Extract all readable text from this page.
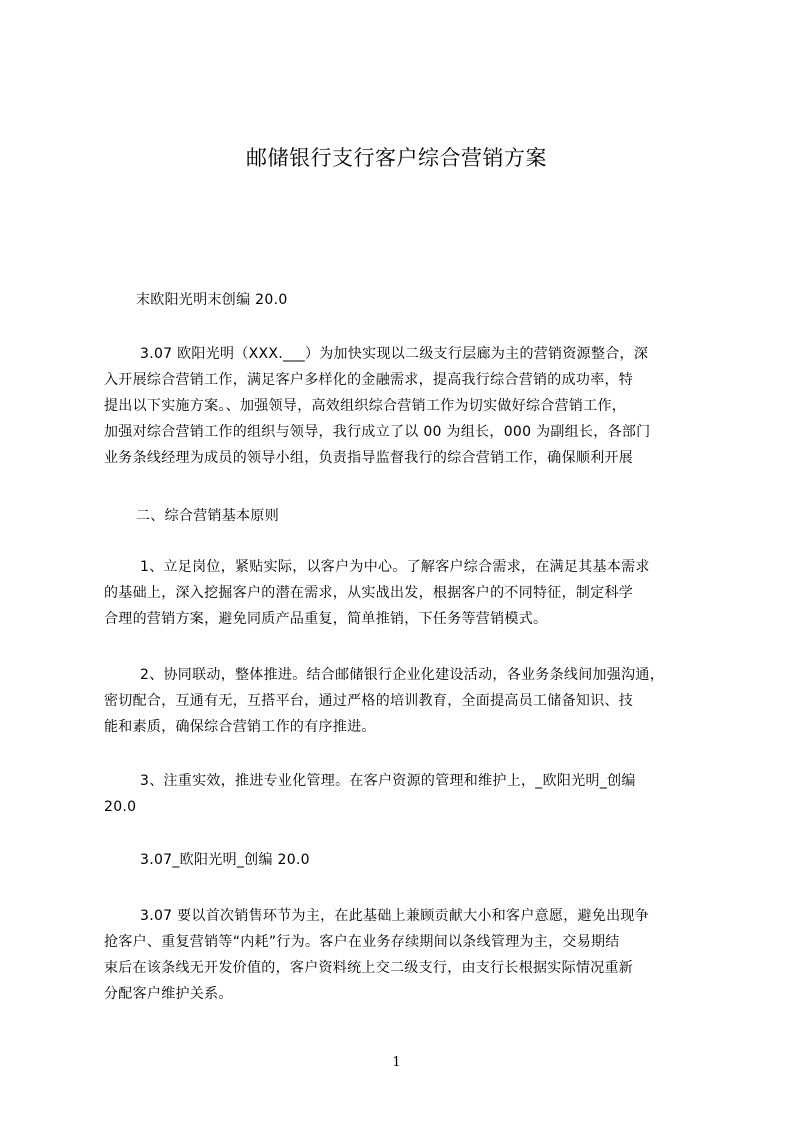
邮储银行支行客户综合营销方案
末欧阳光明末创编 20.0
3.07 欧阳光明（XXX.___）为加快实现以二级支行层廊为主的营销资源整合，深
入开展综合营销工作，满足客户多样化的金融需求，提高我行综合营销的成功率，特
提出以下实施方案。、加强领导，高效组织综合营销工作为切实做好综合营销工作，
加强对综合营销工作的组织与领导，我行成立了以 00 为组长，000 为副组长，各部门
业务条线经理为成员的领导小组，负责指导监督我行的综合营销工作，确保顺利开展
二、综合营销基本原则
1、立足岗位，紧贴实际，以客户为中心。了解客户综合需求，在满足其基本需求
的基础上，深入挖掘客户的潜在需求，从实战出发，根据客户的不同特征，制定科学
合理的营销方案，避免同质产品重复，简单推销，下任务等营销模式。
2、协同联动，整体推进。结合邮储银行企业化建设活动，各业务条线间加强沟通，
密切配合，互通有无，互搭平台，通过严格的培训教育，全面提高员工储备知识、技
能和素质，确保综合营销工作的有序推进。
3、注重实效，推进专业化管理。在客户资源的管理和维护上，_欧阳光明_创编
20.0
3.07_欧阳光明_创编 20.0
3.07 要以首次销售环节为主，在此基础上兼顾贡献大小和客户意愿，避免出现争
抢客户、重复营销等“内耗”行为。客户在业务存续期间以条线管理为主，交易期结
束后在该条线无开发价值的，客户资料统上交二级支行，由支行长根据实际情况重新
分配客户维护关系。
1
